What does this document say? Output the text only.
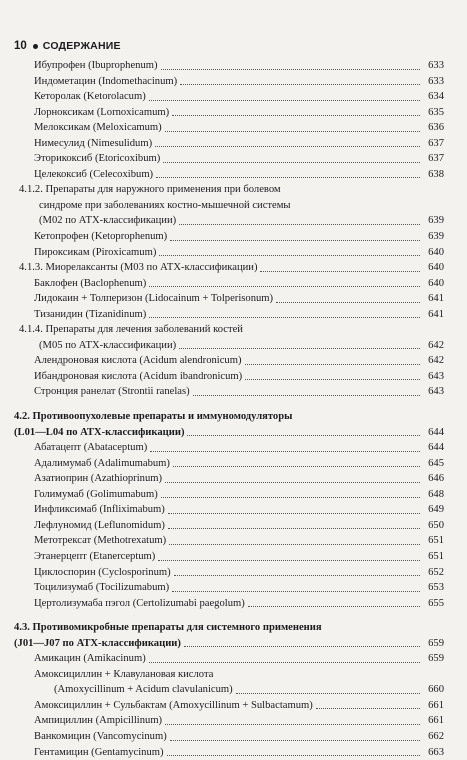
10 СОДЕРЖАНИЕ
Ибупрофен (Ibuprophenum)	633
Индометацин (Indomethacinum)	633
Кеторолак (Ketorolacum)	634
Лорноксикам (Lornoxicamum)	635
Мелоксикам (Meloxicamum)	636
Нимесулид (Nimesulidum)	637
Эторикоксиб (Etoricoxibum)	637
Целекоксиб (Celecoxibum)	638
4.1.2. Препараты для наружного применения при болевом
синдроме при заболеваниях костно-мышечной системы
(M02 по АТХ-классификации)	639
Кетопрофен (Ketoprophenum)	639
Пироксикам (Piroxicamum)	640
4.1.3. Миорелаксанты (M03 по АТХ-классификации)	640
Баклофен (Baclophenum)	640
Лидокаин + Толперизон (Lidocainum + Tolperisonum)	641
Тизанидин (Tizanidinum)	641
4.1.4. Препараты для лечения заболеваний костей
(M05 по АТХ-классификации)	642
Алендроновая кислота (Acidum alendronicum)	642
Ибандроновая кислота (Acidum ibandronicum)	643
Стронция ранелат (Strontii ranelas)	643
4.2. Противоопухолевые препараты и иммуномодуляторы
(L01—L04 по АТХ-классификации)	644
Абатацепт (Abataceptum)	644
Адалимумаб (Adalimumabum)	645
Азатиоприн (Azathioprinum)	646
Голимумаб (Golimumabum)	648
Инфликсимаб (Infliximabum)	649
Лефлуномид (Leflunomidum)	650
Метотрексат (Methotrexatum)	651
Этанерцепт (Etanerceptum)	651
Циклоспорин (Cyclosporinum)	652
Тоцилизумаб (Tocilizumabum)	653
Цертолизумаба пэгол (Certolizumabi paegolum)	655
4.3. Противомикробные препараты для системного применения
(J01—J07 по АТХ-классификации)	659
Амикацин (Amikacinum)	659
Амоксициллин + Клавулановая кислота
(Amoxycillinum + Acidum clavulanicum)	660
Амоксициллин + Сульбактам (Amoxycillinum + Sulbactamum)	661
Ампициллин (Ampicillinum)	661
Ванкомицин (Vancomycinum)	662
Гентамицин (Gentamycinum)	663
